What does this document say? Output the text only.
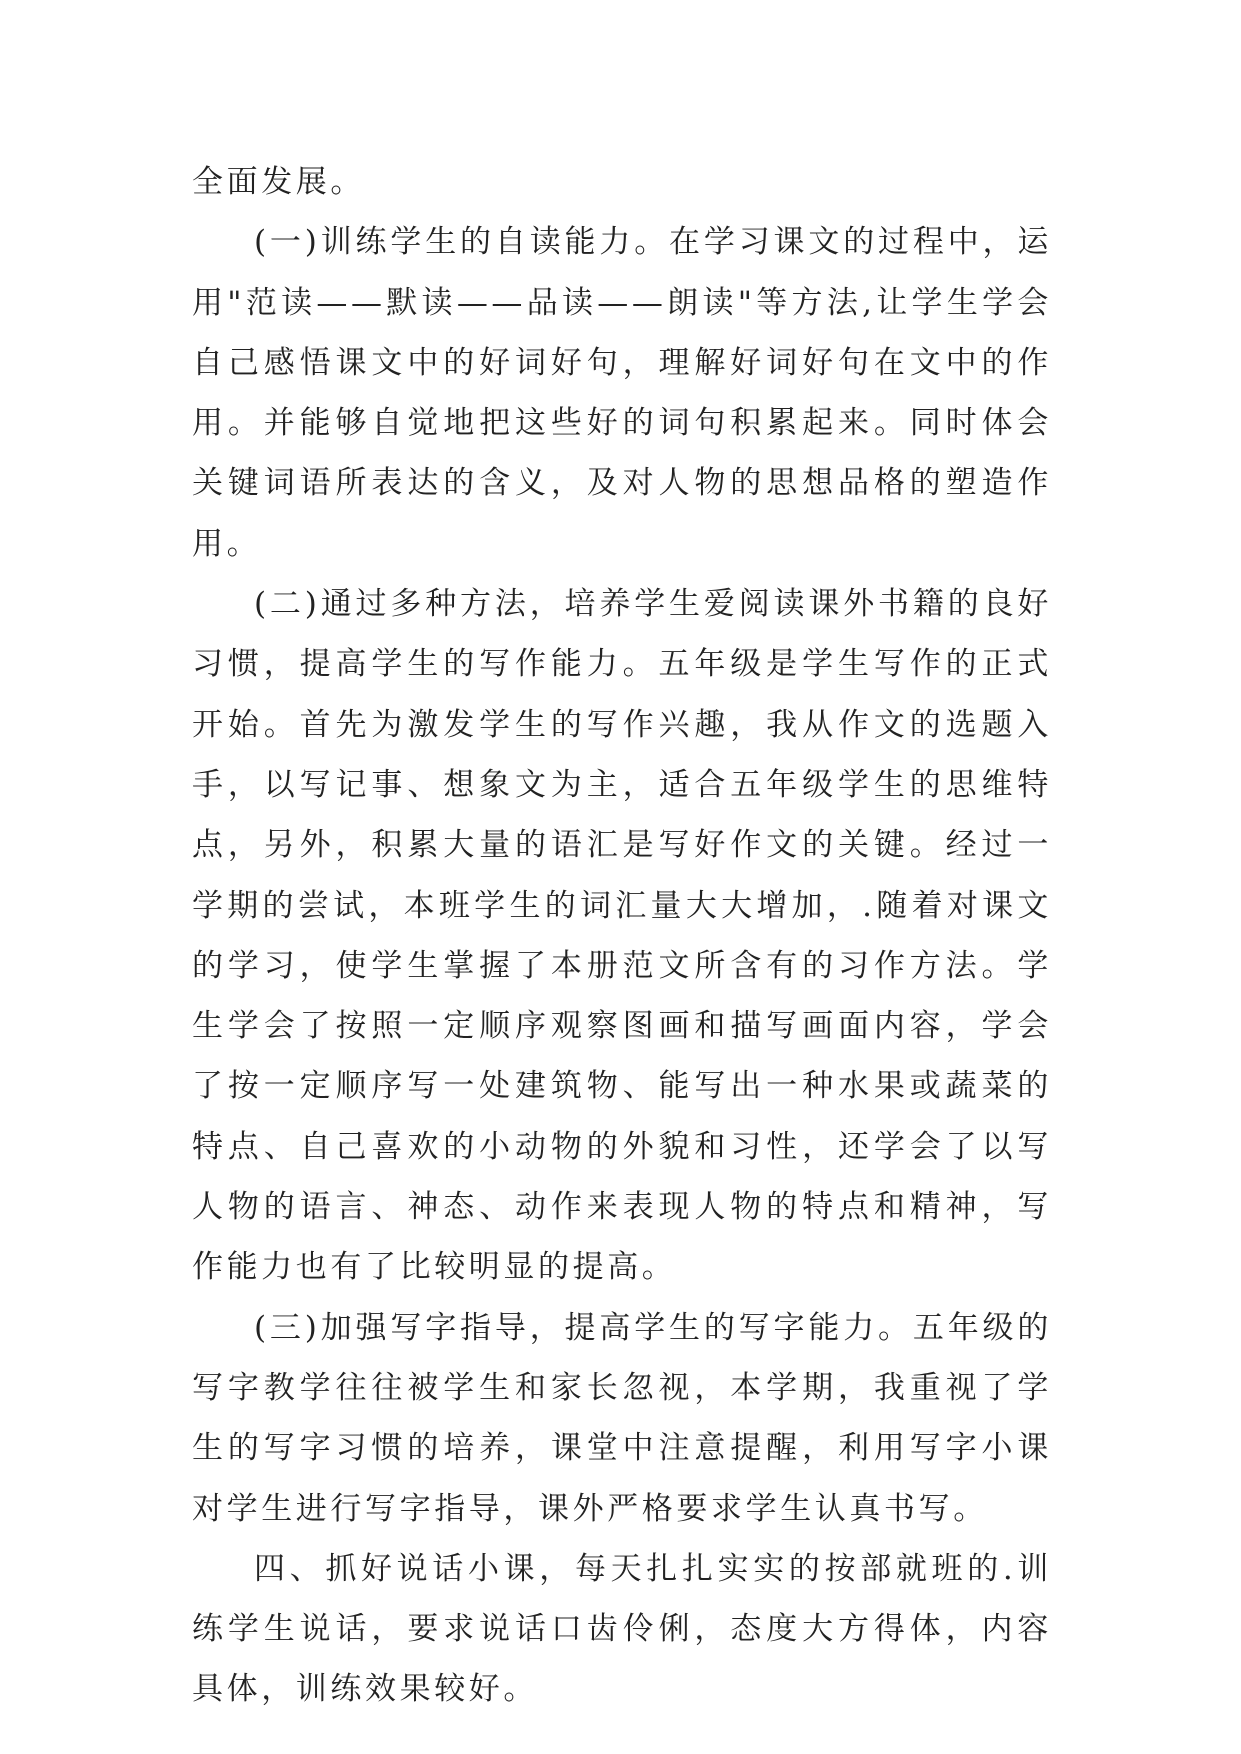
全面发展。

(一)训练学生的自读能力。在学习课文的过程中，运用"范读——默读——品读——朗读"等方法,让学生学会自己感悟课文中的好词好句，理解好词好句在文中的作用。并能够自觉地把这些好的词句积累起来。同时体会关键词语所表达的含义，及对人物的思想品格的塑造作用。

(二)通过多种方法，培养学生爱阅读课外书籍的良好习惯，提高学生的写作能力。五年级是学生写作的正式开始。首先为激发学生的写作兴趣，我从作文的选题入手，以写记事、想象文为主，适合五年级学生的思维特点，另外，积累大量的语汇是写好作文的关键。经过一学期的尝试，本班学生的词汇量大大增加，.随着对课文的学习，使学生掌握了本册范文所含有的习作方法。学生学会了按照一定顺序观察图画和描写画面内容，学会了按一定顺序写一处建筑物、能写出一种水果或蔬菜的特点、自己喜欢的小动物的外貌和习性，还学会了以写人物的语言、神态、动作来表现人物的特点和精神，写作能力也有了比较明显的提高。

(三)加强写字指导，提高学生的写字能力。五年级的写字教学往往被学生和家长忽视，本学期，我重视了学生的写字习惯的培养，课堂中注意提醒，利用写字小课对学生进行写字指导，课外严格要求学生认真书写。

四、抓好说话小课，每天扎扎实实的按部就班的.训练学生说话，要求说话口齿伶俐，态度大方得体，内容具体，训练效果较好。
